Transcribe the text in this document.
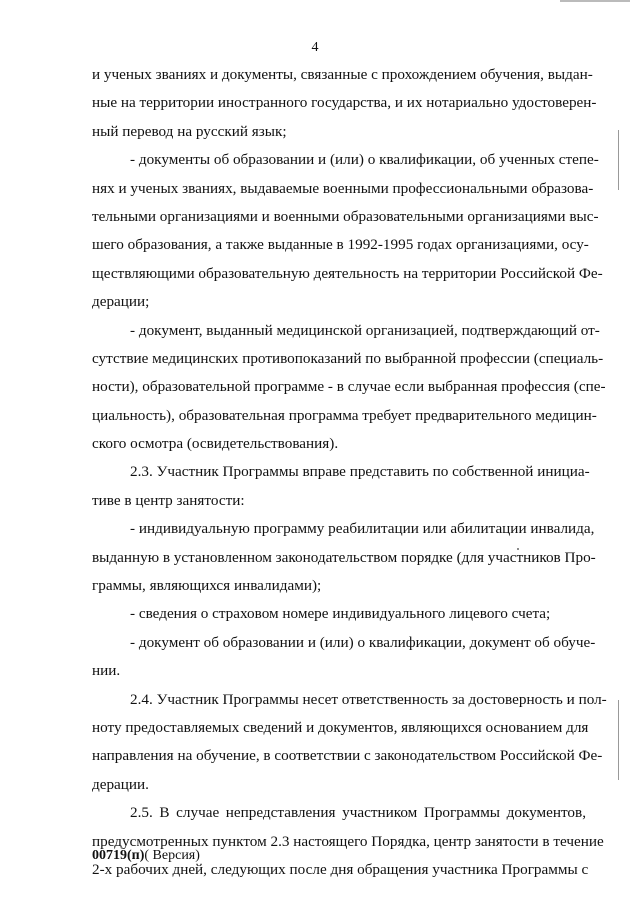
4
и ученых званиях и документы, связанные с прохождением обучения, выдан-
ные на территории иностранного государства, и их нотариально удостоверен-
ный перевод на русский язык;
- документы об образовании и (или) о квалификации, об ученных степе-
нях и ученых званиях, выдаваемые военными профессиональными образова-
тельными организациями и военными образовательными организациями выс-
шего образования, а также выданные в 1992-1995 годах организациями, осу-
ществляющими образовательную деятельность на территории Российской Фе-
дерации;
- документ, выданный медицинской организацией, подтверждающий от-
сутствие медицинских противопоказаний по выбранной профессии (специаль-
ности), образовательной программе - в случае если выбранная профессия (спе-
циальность), образовательная программа требует предварительного медицин-
ского осмотра (освидетельствования).
2.3. Участник Программы вправе представить по собственной инициа-
тиве в центр занятости:
- индивидуальную программу реабилитации или абилитации инвалида,
выданную в установленном законодательством порядке (для участников Про-
граммы, являющихся инвалидами);
- сведения о страховом номере индивидуального лицевого счета;
- документ об образовании и (или) о квалификации, документ об обуче-
нии.
2.4. Участник Программы несет ответственность за достоверность и пол-
ноту предоставляемых сведений и документов, являющихся основанием для
направления на обучение, в соответствии с законодательством Российской Фе-
дерации.
2.5. В случае непредставления участником Программы документов,
предусмотренных пунктом 2.3 настоящего Порядка, центр занятости в течение
2-х рабочих дней, следующих после дня обращения участника Программы с
00719(п)( Версия)
